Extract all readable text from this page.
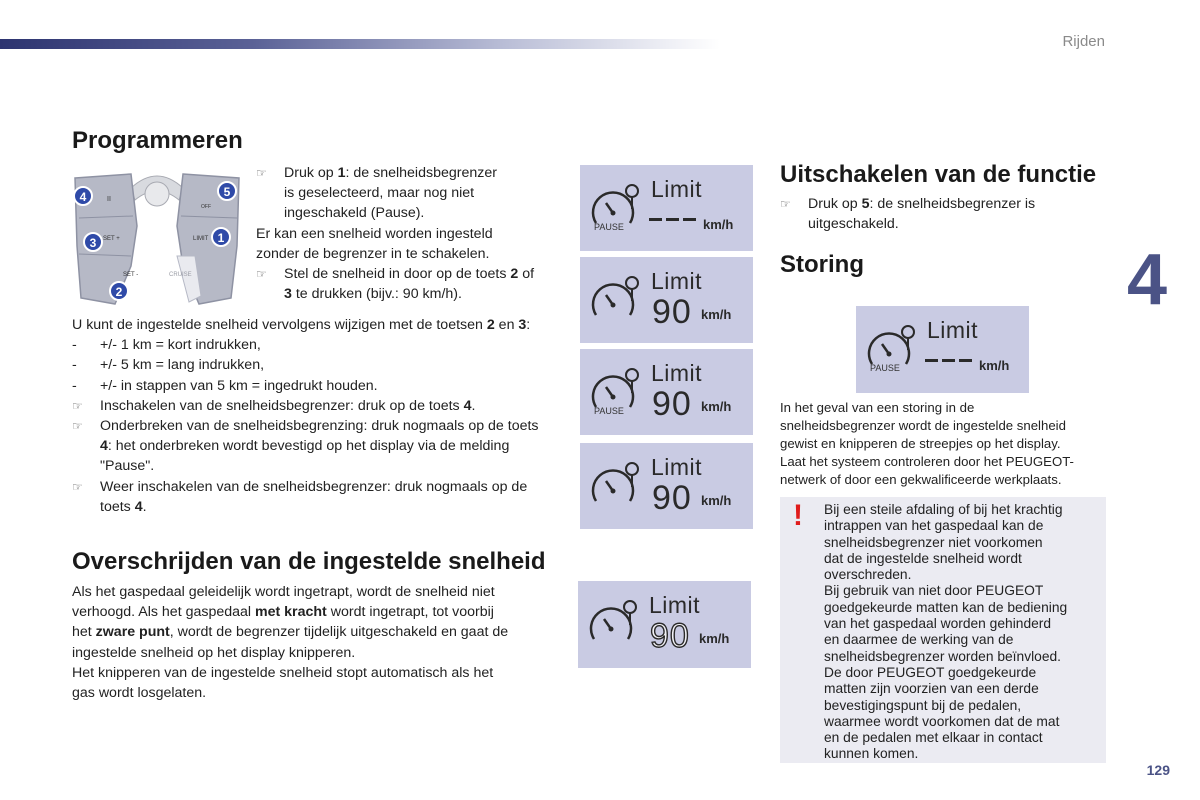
Rijden
4
129
Programmeren
4
3
2
5
1
II
SET +
SET -
LIMIT
CRUISE
OFF
☞	Druk op 1: de snelheidsbegrenzer
is geselecteerd, maar nog niet
ingeschakeld (Pause).
Er kan een snelheid worden ingesteld
zonder de begrenzer in te schakelen.
☞	Stel de snelheid in door op de toets 2 of
3 te drukken (bijv.: 90 km/h).
U kunt de ingestelde snelheid vervolgens wijzigen met de toetsen 2 en 3:
-	+/- 1 km = kort indrukken,
-	+/- 5 km = lang indrukken,
-	+/- in stappen van 5 km = ingedrukt houden.
☞	Inschakelen van de snelheidsbegrenzer: druk op de toets 4.
☞	Onderbreken van de snelheidsbegrenzing: druk nogmaals op de toets 4: het onderbreken wordt bevestigd op het display via de melding "Pause".
☞	Weer inschakelen van de snelheidsbegrenzer: druk nogmaals op de toets 4.
Overschrijden van de ingestelde snelheid
Als het gaspedaal geleidelijk wordt ingetrapt, wordt de snelheid niet
verhoogd. Als het gaspedaal met kracht wordt ingetrapt, tot voorbij
het zware punt, wordt de begrenzer tijdelijk uitgeschakeld en gaat de
ingestelde snelheid op het display knipperen.
Het knipperen van de ingestelde snelheid stopt automatisch als het
gas wordt losgelaten.
Limit
PAUSE	km/h
Limit
90 km/h
Limit
PAUSE 90 km/h
Limit
90 km/h
Limit
90 km/h
Uitschakelen van de functie
☞	Druk op 5: de snelheidsbegrenzer is
uitgeschakeld.
Storing
Limit
PAUSE	km/h
In het geval van een storing in de
snelheidsbegrenzer wordt de ingestelde snelheid
gewist en knipperen de streepjes op het display.
Laat het systeem controleren door het PEUGEOT-
netwerk of door een gekwalificeerde werkplaats.
! Bij een steile afdaling of bij het krachtig
intrappen van het gaspedaal kan de
snelheidsbegrenzer niet voorkomen
dat de ingestelde snelheid wordt
overschreden.
Bij gebruik van niet door PEUGEOT
goedgekeurde matten kan de bediening
van het gaspedaal worden gehinderd
en daarmee de werking van de
snelheidsbegrenzer worden beïnvloed.
De door PEUGEOT goedgekeurde
matten zijn voorzien van een derde
bevestigingspunt bij de pedalen,
waarmee wordt voorkomen dat de mat
en de pedalen met elkaar in contact
kunnen komen.
